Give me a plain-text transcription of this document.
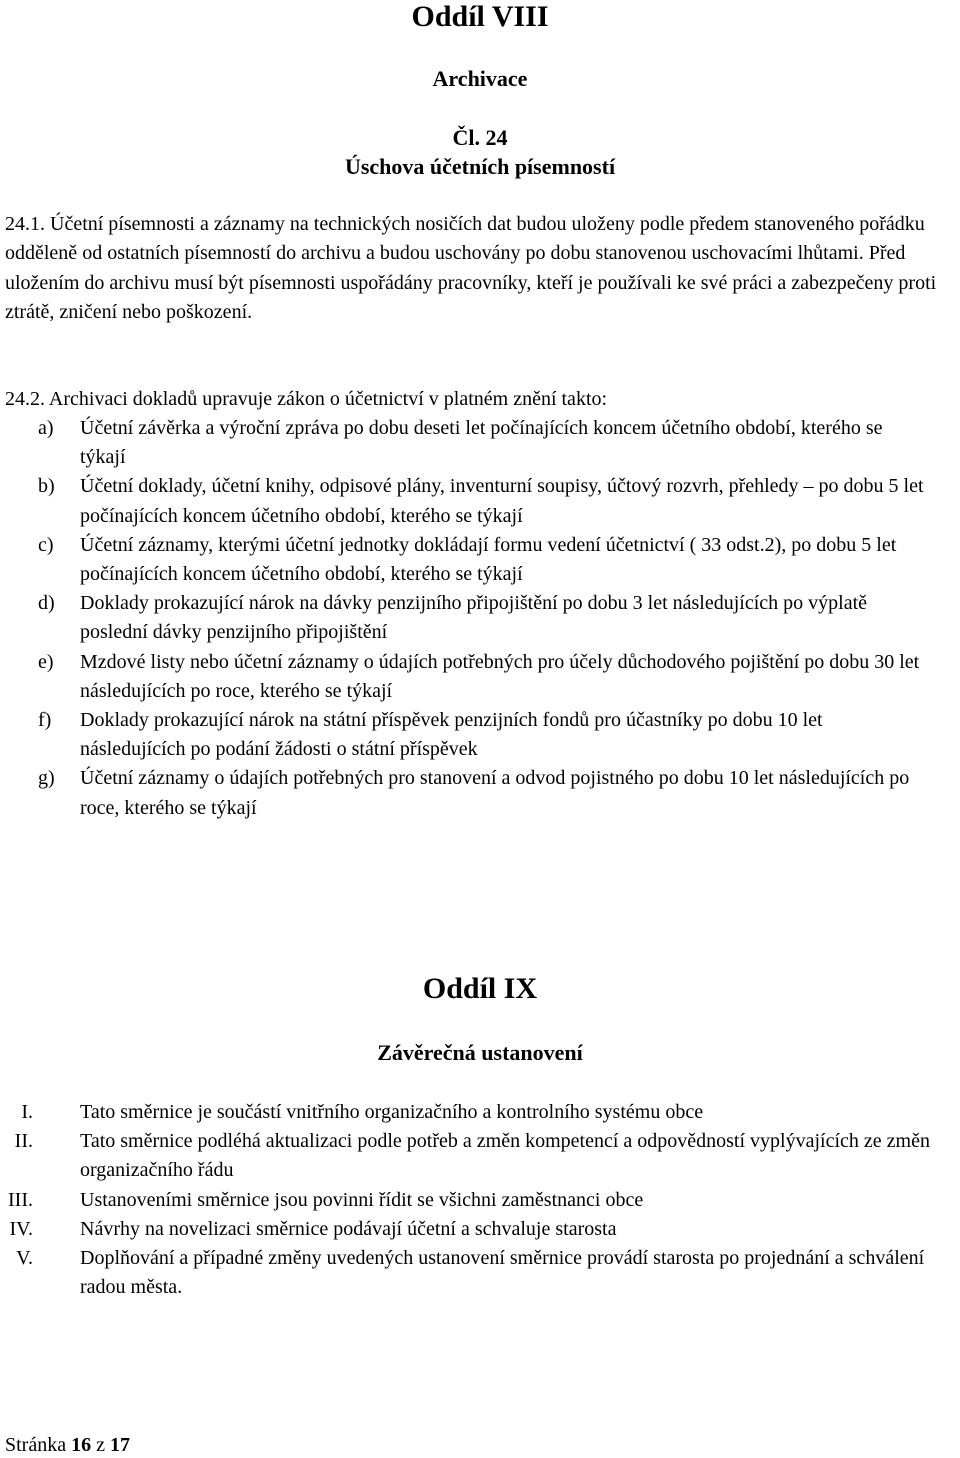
Oddíl VIII
Archivace
Čl. 24
Úschova účetních písemností
24.1. Účetní písemnosti a záznamy na technických nosičích dat budou uloženy podle předem stanoveného pořádku odděleně od ostatních písemností do archivu a budou uschovány po dobu stanovenou uschovacími lhůtami. Před uložením do archivu musí být písemnosti uspořádány pracovníky, kteří je používali ke své práci a zabezpečeny proti ztrátě, zničení nebo poškození.
24.2. Archivaci dokladů upravuje zákon o účetnictví v platném znění takto:
a) Účetní závěrka a výroční zpráva po dobu deseti let počínajících koncem účetního období, kterého se týkají
b) Účetní doklady, účetní knihy, odpisové plány, inventurní soupisy, účtový rozvrh, přehledy – po dobu 5 let počínajících koncem účetního období, kterého se týkají
c) Účetní záznamy, kterými účetní jednotky dokládají formu vedení účetnictví ( 33 odst.2), po dobu 5 let počínajících koncem účetního období, kterého se týkají
d) Doklady prokazující nárok na dávky penzijního připojištění po dobu 3 let následujících po výplatě poslední dávky penzijního připojištění
e) Mzdové listy nebo účetní záznamy o údajích potřebných pro účely důchodového pojištění po dobu 30 let následujících po roce, kterého se týkají
f) Doklady prokazující nárok na státní příspěvek penzijních fondů pro účastníky po dobu 10 let následujících po podání žádosti o státní příspěvek
g) Účetní záznamy o údajích potřebných pro stanovení a odvod pojistného po dobu 10 let následujících po roce, kterého se týkají
Oddíl IX
Závěrečná ustanovení
I. Tato směrnice je součástí vnitřního organizačního a kontrolního systému obce
II. Tato směrnice podléhá aktualizaci podle potřeb a změn kompetencí a odpovědností vyplývajících ze změn organizačního řádu
III. Ustanoveními směrnice jsou povinni řídit se všichni zaměstnanci obce
IV. Návrhy na novelizaci směrnice podávají účetní a schvaluje starosta
V. Doplňování a případné změny uvedených ustanovení směrnice provádí starosta po projednání a schválení radou města.
Stránka 16 z 17
